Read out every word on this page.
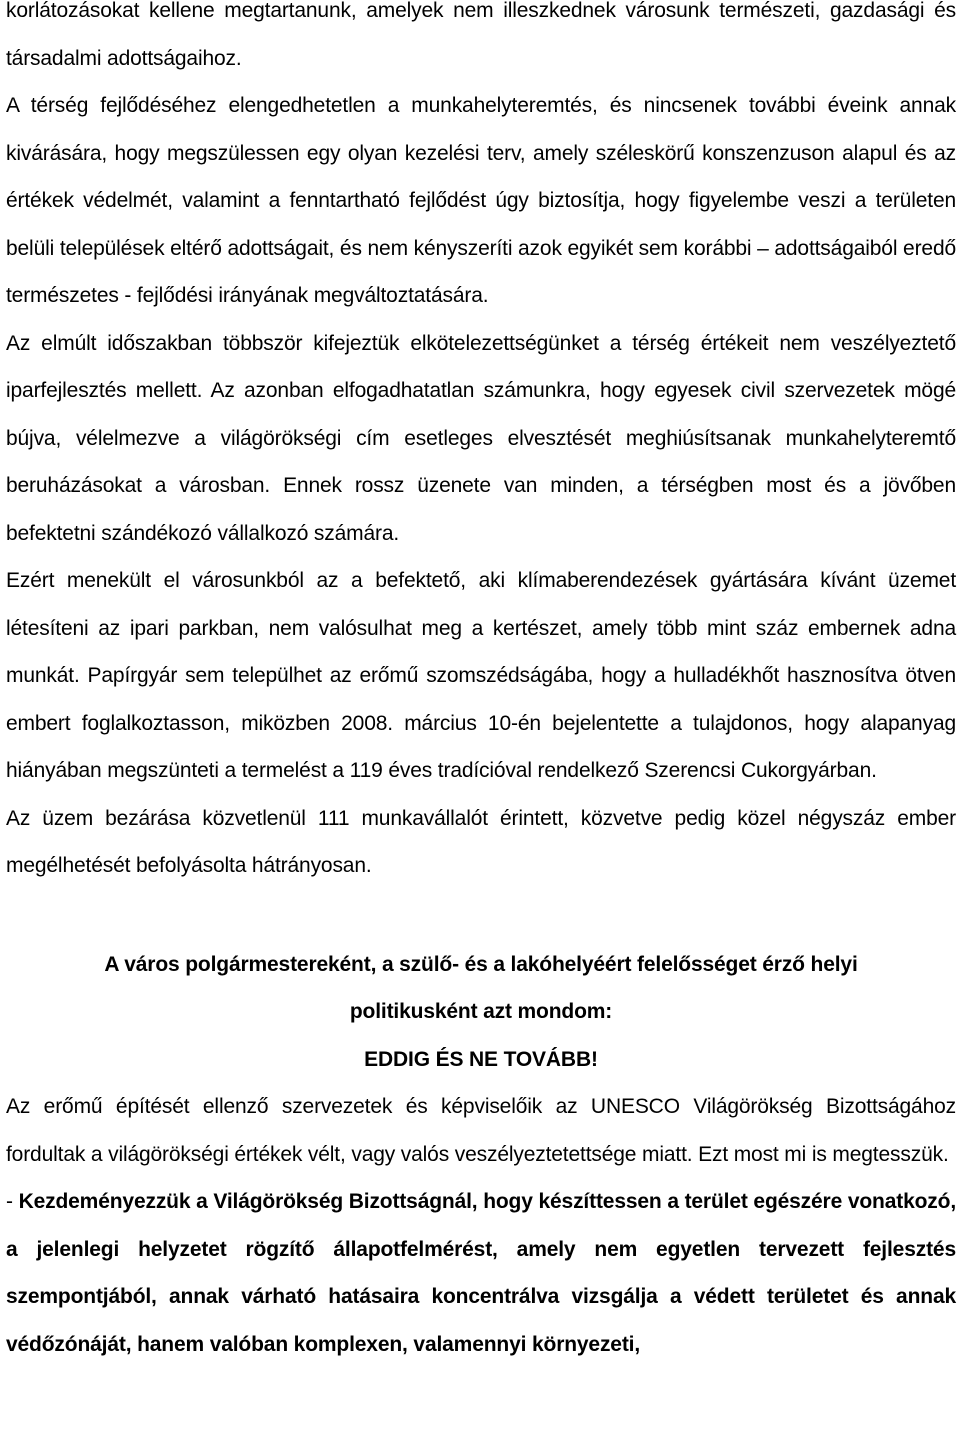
korlátozásokat kellene megtartanunk, amelyek nem illeszkednek városunk természeti, gazdasági és társadalmi adottságaihoz.

A térség fejlődéséhez elengedhetetlen a munkahelyteremtés, és nincsenek további éveink annak kivárására, hogy megszülessen egy olyan kezelési terv, amely széleskörű konszenzuson alapul és az értékek védelmét, valamint a fenntartható fejlődést úgy biztosítja, hogy figyelembe veszi a területen belüli települések eltérő adottságait, és nem kényszeríti azok egyikét sem korábbi – adottságaiból eredő természetes - fejlődési irányának megváltoztatására.

Az elmúlt időszakban többször kifejeztük elkötelezettségünket a térség értékeit nem veszélyeztető iparfejlesztés mellett. Az azonban elfogadhatatlan számunkra, hogy egyesek civil szervezetek mögé bújva, vélelmezve a világörökségi cím esetleges elvesztését meghiúsítsanak munkahelyteremtő beruházásokat a városban. Ennek rossz üzenete van minden, a térségben most és a jövőben befektetni szándékozó vállalkozó számára.

Ezért menekült el városunkból az a befektető, aki klímaberendezések gyártására kívánt üzemet létesíteni az ipari parkban, nem valósulhat meg a kertészet, amely több mint száz embernek adna munkát. Papírgyár sem települhet az erőmű szomszédságába, hogy a hulladékhőt hasznosítva ötven embert foglalkoztasson, miközben 2008. március 10-én bejelentette a tulajdonos, hogy alapanyag hiányában megszünteti a termelést a 119 éves tradícióval rendelkező Szerencsi Cukorgyárban.

Az üzem bezárása közvetlenül 111 munkavállalót érintett, közvetve pedig közel négyszáz ember megélhetését befolyásolta hátrányosan.

A város polgármestereként, a szülő- és a lakóhelyéért felelősséget érző helyi

politikusként azt mondom:

EDDIG ÉS NE TOVÁBB!

Az erőmű építését ellenző szervezetek és képviselőik az UNESCO Világörökség Bizottságához fordultak a világörökségi értékek vélt, vagy valós veszélyeztetettsége miatt. Ezt most mi is megtesszük.

- Kezdeményezzük a Világörökség Bizottságnál, hogy készíttessen a terület egészére vonatkozó, a jelenlegi helyzetet rögzítő állapotfelmérést, amely nem egyetlen tervezett fejlesztés szempontjából, annak várható hatásaira koncentrálva vizsgálja a védett területet és annak védőzónáját, hanem valóban komplexen, valamennyi környezeti,
